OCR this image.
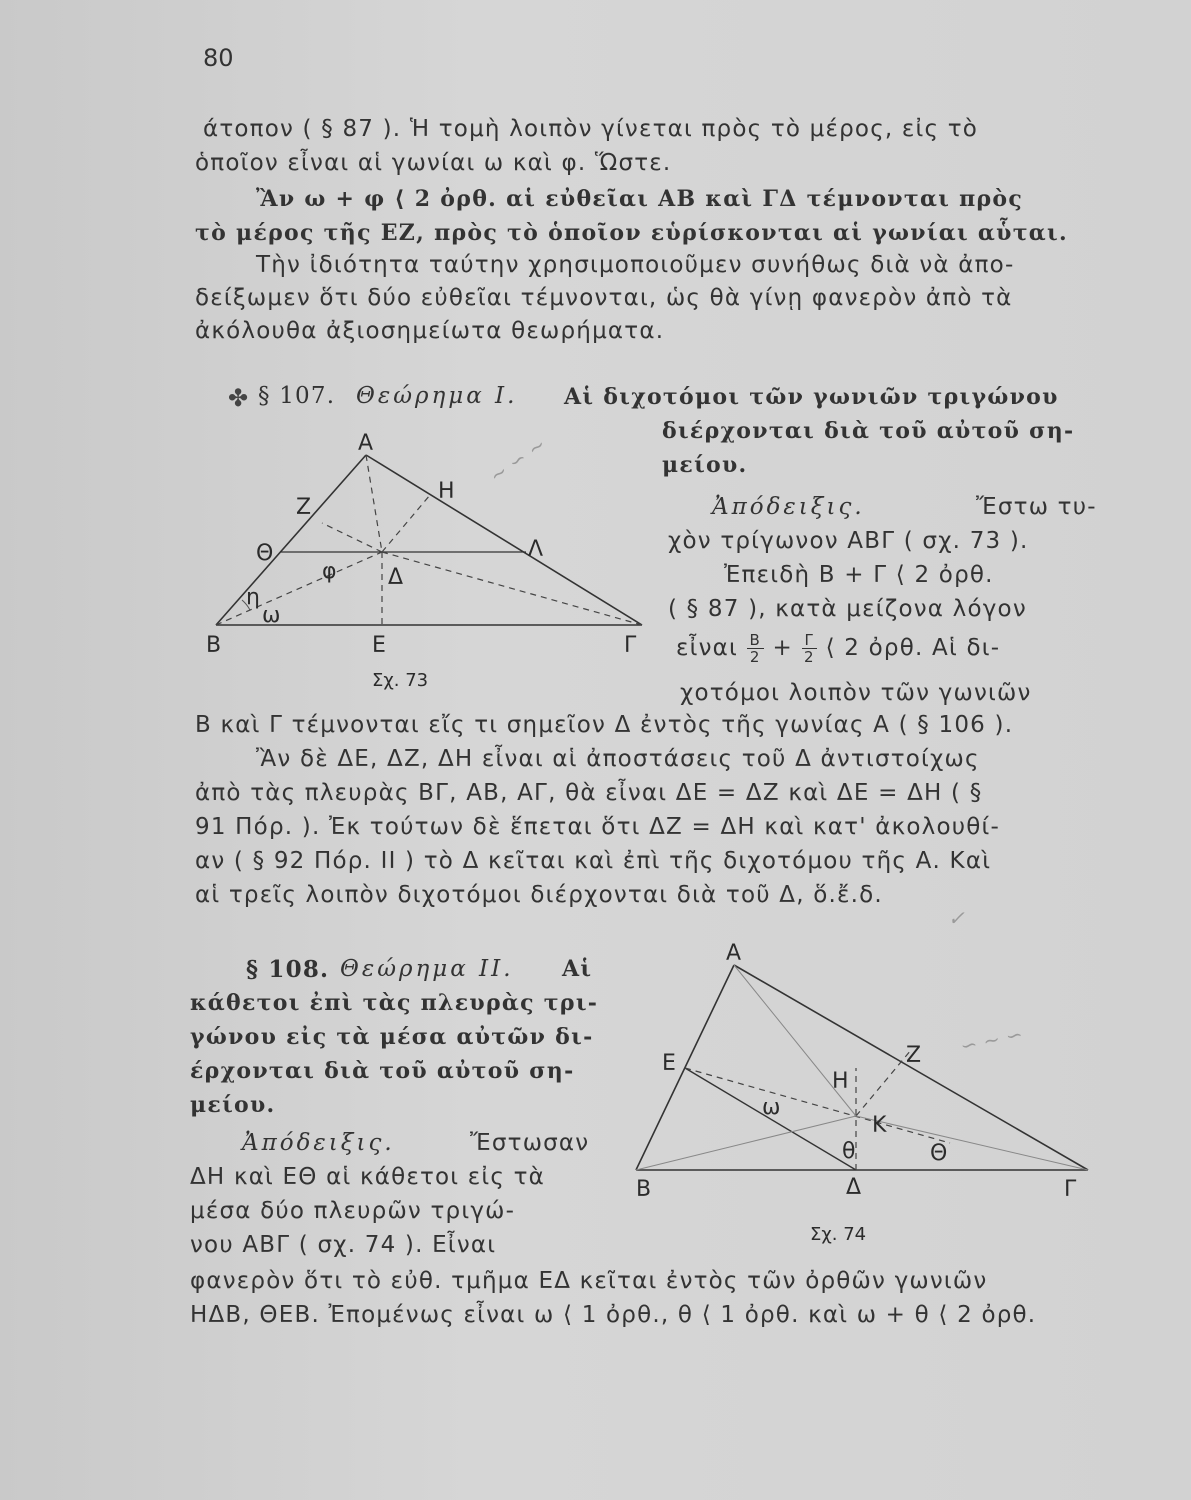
80
άτοπον ( § 87 ). Ἡ τομὴ λοιπὸν γίνεται πρὸς τὸ μέρος, εἰς τὸ
ὁποῖον εἶναι αἱ γωνίαι ω καὶ φ. Ὥστε.
Ἂν ω + φ ⟨ 2 ὀρθ. αἱ εὐθεῖαι ΑΒ καὶ ΓΔ τέμνονται πρὸς
τὸ μέρος τῆς ΕΖ, πρὸς τὸ ὁποῖον εὑρίσκονται αἱ γωνίαι αὗται.
Τὴν ἰδιότητα ταύτην χρησιμοποιοῦμεν συνήθως διὰ νὰ ἀπο-
δείξωμεν ὅτι δύο εὐθεῖαι τέμνονται, ὡς θὰ γίνῃ φανερὸν ἀπὸ τὰ
ἀκόλουθα ἀξιοσημείωτα θεωρήματα.
✤ § 107. Θεώρημα Ι. Αἱ διχοτόμοι τῶν γωνιῶν τριγώνου
διέρχονται διὰ τοῦ αὐτοῦ ση-
μείου.
Α
Β	Γ
Δ
Ε
Ζ
Η
Λ
Θ
φ
η
ω
Σχ. 73
Ἀπόδειξις.	Ἔστω τυ-
χὸν τρίγωνον ΑΒΓ ( σχ. 73 ).
Ἐπειδὴ Β + Γ ⟨ 2 ὀρθ.
( § 87 ), κατὰ μείζονα λόγον
εἶναι $\frac{B}{2} + \frac{\Gamma}{2}$ ⟨ 2 ὀρθ. Αἱ δι-
χοτόμοι λοιπὸν τῶν γωνιῶν
Β καὶ Γ τέμνονται εἴς τι σημεῖον Δ ἐντὸς τῆς γωνίας Α ( § 106 ).
Ἂν δὲ ΔΕ, ΔΖ, ΔΗ εἶναι αἱ ἀποστάσεις τοῦ Δ ἀντιστοίχως
ἀπὸ τὰς πλευρὰς ΒΓ, ΑΒ, ΑΓ, θὰ εἶναι ΔΕ = ΔΖ καὶ ΔΕ = ΔΗ ( §
91 Πόρ. ). Ἐκ τούτων δὲ ἕπεται ὅτι ΔΖ = ΔΗ καὶ κατ' ἀκολουθί-
αν ( § 92 Πόρ. ΙΙ ) τὸ Δ κεῖται καὶ ἐπὶ τῆς διχοτόμου τῆς Α. Καὶ
αἱ τρεῖς λοιπὸν διχοτόμοι διέρχονται διὰ τοῦ Δ, ὅ.ἔ.δ.
§ 108. Θεώρημα ΙΙ. Αἱ
κάθετοι ἐπὶ τὰς πλευρὰς τρι-
γώνου εἰς τὰ μέσα αὐτῶν δι-
έρχονται διὰ τοῦ αὐτοῦ ση-
μείου.
Ἀπόδειξις.	Ἔστωσαν
ΔΗ καὶ ΕΘ αἱ κάθετοι εἰς τὰ
μέσα δύο πλευρῶν τριγώ-
νου ΑΒΓ ( σχ. 74 ). Εἶναι
Α
Β	Γ
Δ
Ε	Ζ
Η
Κ
Θ
θ
ω
Σχ. 74
φανερὸν ὅτι τὸ εὐθ. τμῆμα ΕΔ κεῖται ἐντὸς τῶν ὀρθῶν γωνιῶν
ΗΔΒ, ΘΕΒ. Ἐπομένως εἶναι ω ⟨ 1 ὀρθ., θ ⟨ 1 ὀρθ. καὶ ω + θ ⟨ 2 ὀρθ.
~ ∽ ~
✓
∽ ~ ∽
